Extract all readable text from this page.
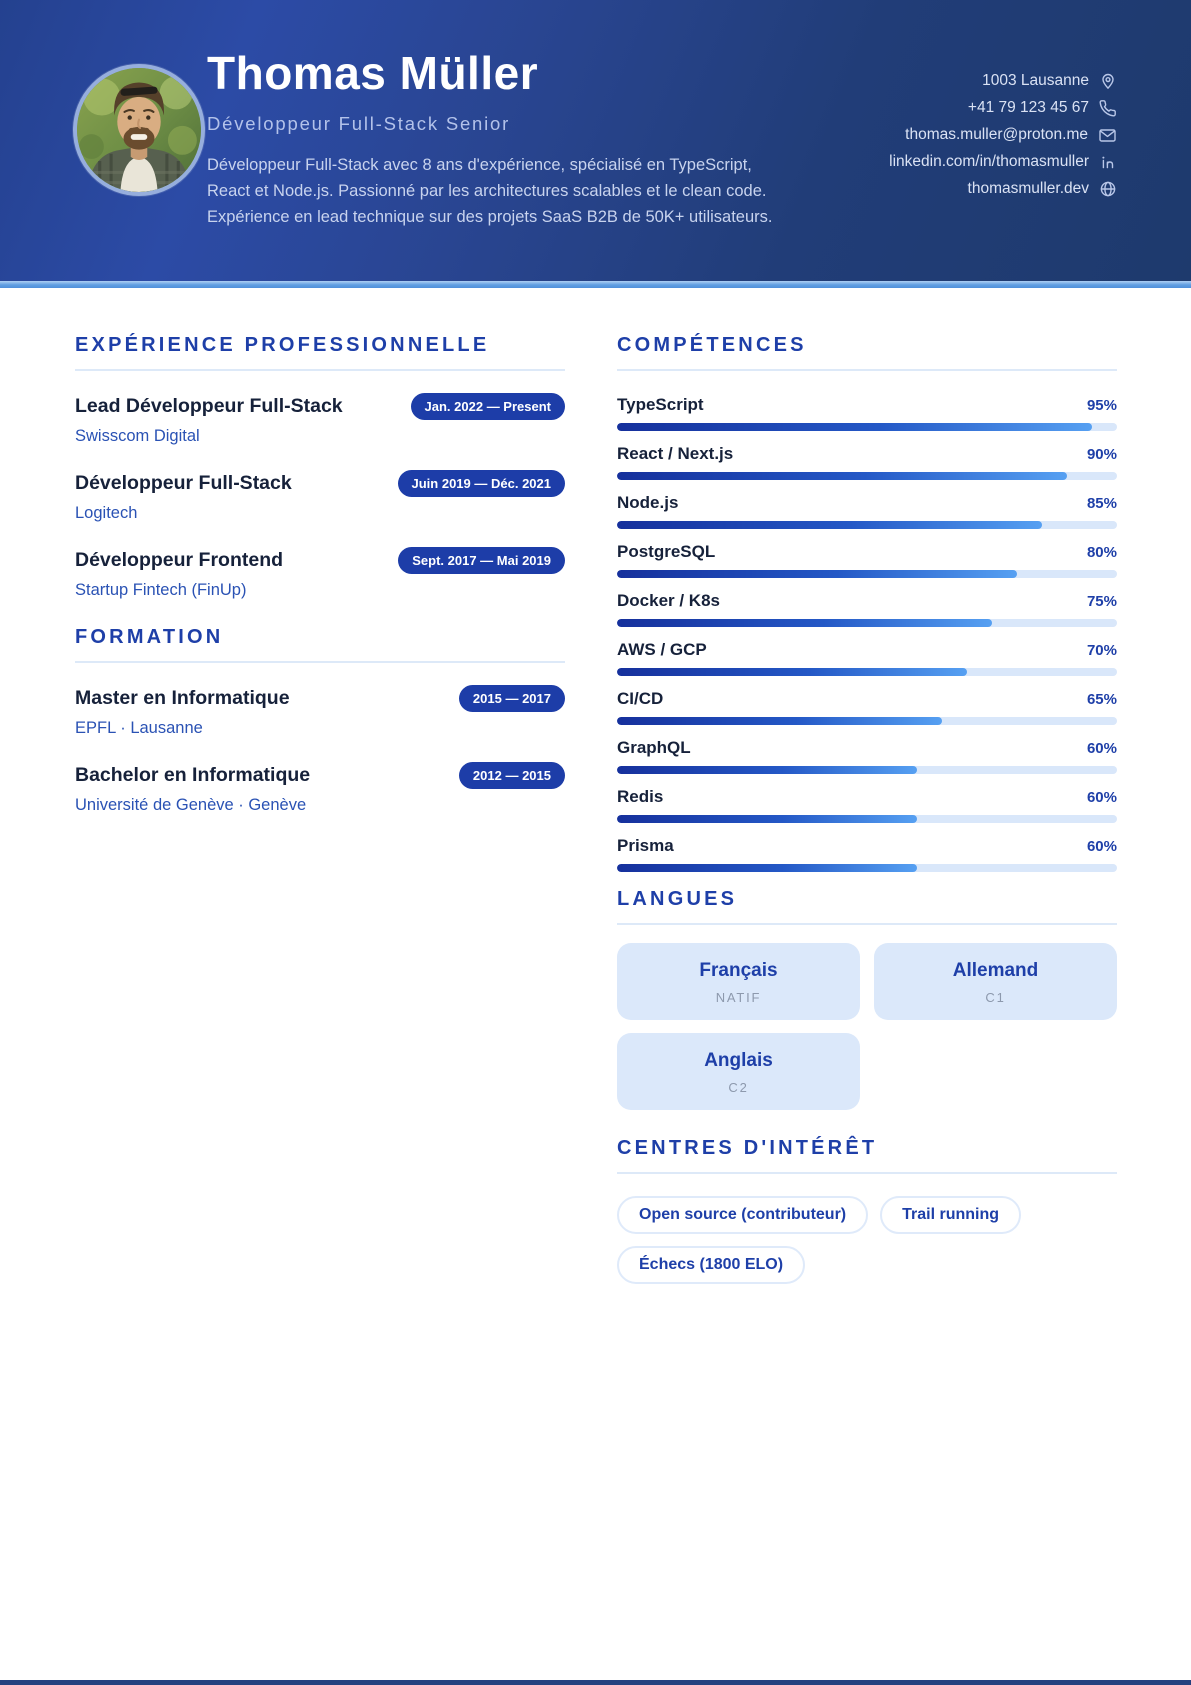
Thomas Müller
Développeur Full-Stack Senior
Développeur Full-Stack avec 8 ans d'expérience, spécialisé en TypeScript, React et Node.js. Passionné par les architectures scalables et le clean code. Expérience en lead technique sur des projets SaaS B2B de 50K+ utilisateurs.
1003 Lausanne
+41 79 123 45 67
thomas.muller@proton.me
linkedin.com/in/thomasmuller
thomasmuller.dev
EXPÉRIENCE PROFESSIONNELLE
Lead Développeur Full-Stack	Jan. 2022 — Present
Swisscom Digital
Développeur Full-Stack	Juin 2019 — Déc. 2021
Logitech
Développeur Frontend	Sept. 2017 — Mai 2019
Startup Fintech (FinUp)
FORMATION
Master en Informatique	2015 — 2017
EPFL · Lausanne
Bachelor en Informatique	2012 — 2015
Université de Genève · Genève
COMPÉTENCES
TypeScript	95%
React / Next.js	90%
Node.js	85%
PostgreSQL	80%
Docker / K8s	75%
AWS / GCP	70%
CI/CD	65%
GraphQL	60%
Redis	60%
Prisma	60%
LANGUES
Français
NATIF
Allemand
C1
Anglais
C2
CENTRES D'INTÉRÊT
Open source (contributeur)	Trail running
Échecs (1800 ELO)
